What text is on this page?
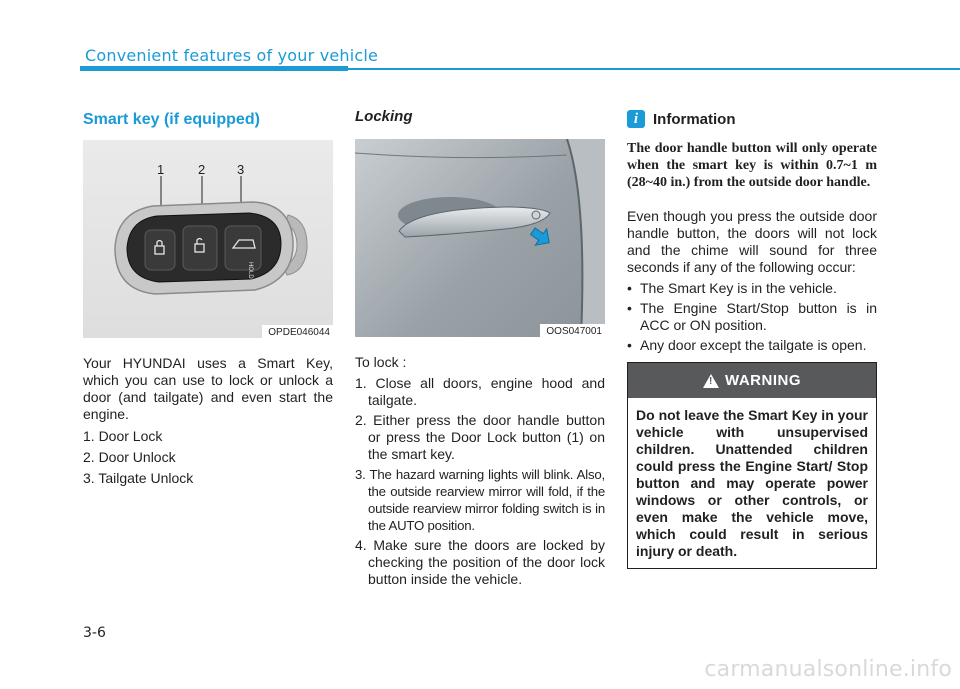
Convenient features of your vehicle
Smart key (if equipped)
HOLD
1	2 3
OPDE046044

Your HYUNDAI uses a Smart Key, which you can use to lock or unlock a door (and tailgate) and even start the engine.

1. Door Lock
2. Door Unlock
3. Tailgate Unlock
Locking
OOS047001

To lock :

1. Close all doors, engine hood and tailgate.
2. Either press the door handle button or press the Door Lock button (1) on the smart key.
3. The hazard warning lights will blink. Also, the outside rearview mirror will fold, if the outside rearview mirror folding switch is in the AUTO position.
4. Make sure the doors are locked by checking the position of the door lock button inside the vehicle.
i Information

The door handle button will only operate when the smart key is within 0.7~1 m (28~40 in.) from the outside door handle.

Even though you press the outside door handle button, the doors will not lock and the chime will sound for three seconds if any of the following occur:

• The Smart Key is in the vehicle.
• The Engine Start/Stop button is in ACC or ON position.
• Any door except the tailgate is open.
! WARNING
Do not leave the Smart Key in your vehicle with unsupervised children. Unattended children could press the Engine Start/ Stop button and may operate power windows or other controls, or even make the vehicle move, which could result in serious injury or death.
3-6
carmanualsonline.info
